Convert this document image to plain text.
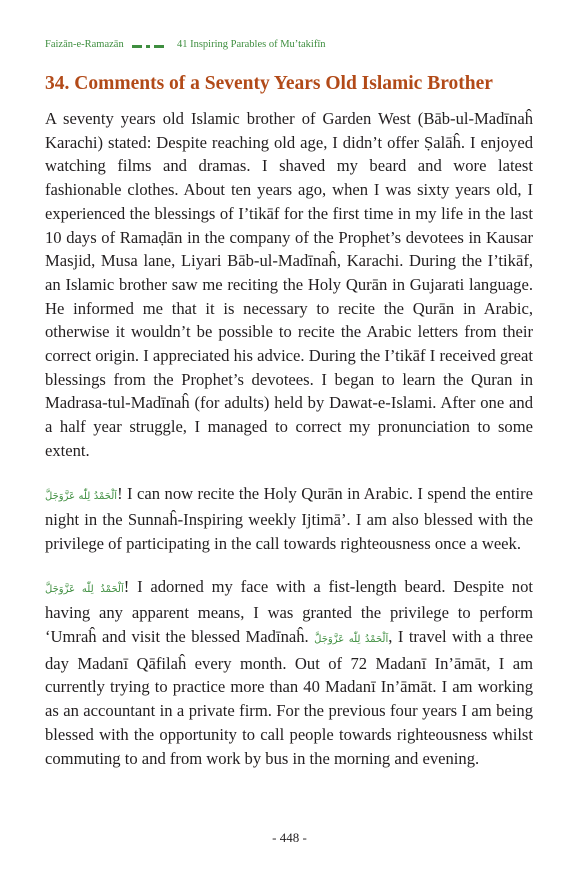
Faizān-e-Ramazān	41 Inspiring Parables of Mu’takifīn
34. Comments of a Seventy Years Old Islamic Brother

A seventy years old Islamic brother of Garden West (Bāb-ul-Madīnaĥ Karachi) stated: Despite reaching old age, I didn’t offer Ṣalāĥ. I enjoyed watching films and dramas. I shaved my beard and wore latest fashionable clothes. About ten years ago, when I was sixty years old, I experienced the blessings of I’tikāf for the first time in my life in the last 10 days of Ramaḍān in the company of the Prophet’s devotees in Kausar Masjid, Musa lane, Liyari Bāb-ul-Madīnaĥ, Karachi. During the I’tikāf, an Islamic brother saw me reciting the Holy Qurān in Gujarati language. He informed me that it is necessary to recite the Qurān in Arabic, otherwise it wouldn’t be possible to recite the Arabic letters from their correct origin. I appreciated his advice. During the I’tikāf I received great blessings from the Prophet’s devotees. I began to learn the Quran in Madrasa-tul-Madīnaĥ (for adults) held by Dawat-e-Islami. After one and a half year struggle, I managed to correct my pronunciation to some extent.

اَلْحَمْدُ لِلّٰه عَزَّوَجَلَّ! I can now recite the Holy Qurān in Arabic. I spend the entire night in the Sunnaĥ-Inspiring weekly Ijtimā’. I am also blessed with the privilege of participating in the call towards righteousness once a week.

اَلْحَمْدُ لِلّٰه عَزَّوَجَلَّ! I adorned my face with a fist-length beard. Despite not having any apparent means, I was granted the privilege to perform ‘Umraĥ and visit the blessed Madīnaĥ. اَلْحَمْدُ لِلّٰه عَزَّوَجَلَّ, I travel with a three day Madanī Qāfilaĥ every month. Out of 72 Madanī In’āmāt, I am currently trying to practice more than 40 Madanī In’āmāt. I am working as an accountant in a private firm. For the previous four years I am being blessed with the opportunity to call people towards righteousness whilst commuting to and from work by bus in the morning and evening.

- 448 -
